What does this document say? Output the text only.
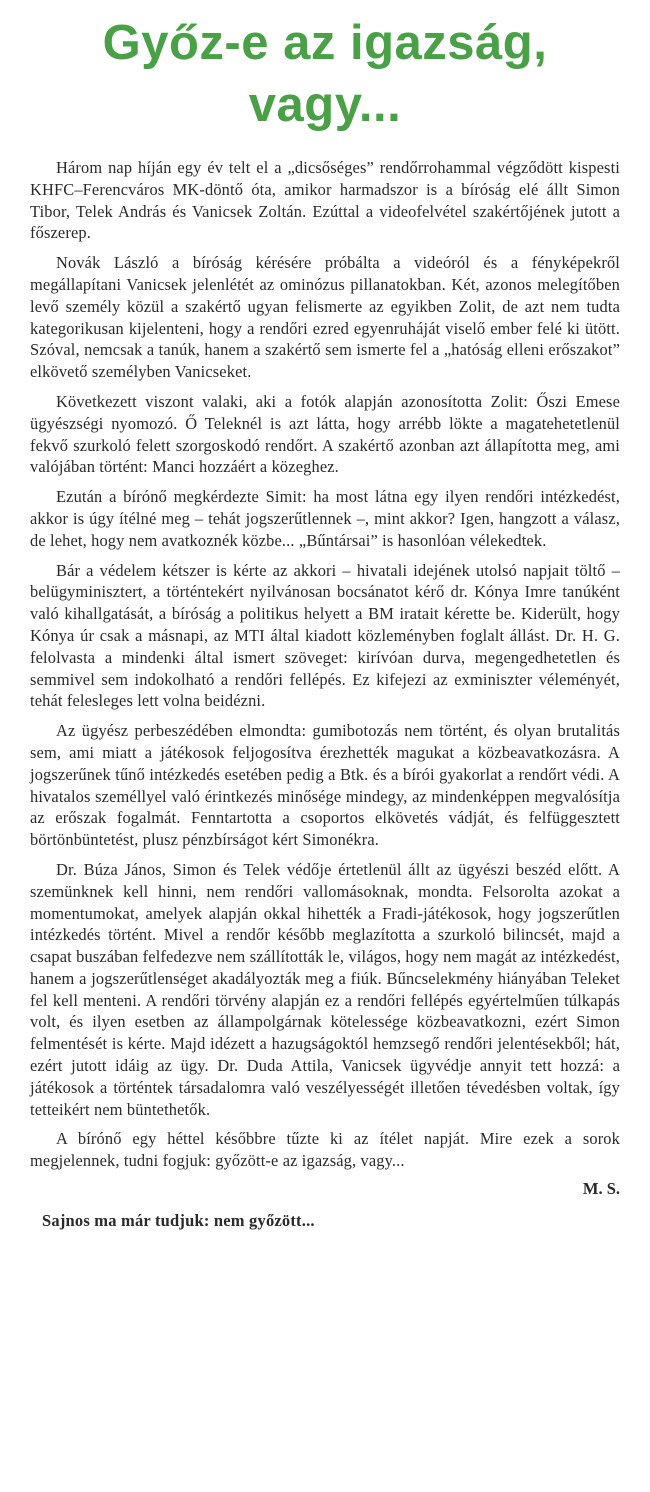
Győz-e az igazság,
vagy...

Három nap híján egy év telt el a „dicsőséges” rendőrrohammal végződött kispesti KHFC–Ferencváros MK-döntő óta, amikor harmadszor is a bíróság elé állt Simon Tibor, Telek András és Vanicsek Zoltán. Ezúttal a videofelvétel szakértőjének jutott a főszerep.

Novák László a bíróság kérésére próbálta a videóról és a fényképekről megállapítani Vanicsek jelenlétét az ominózus pillanatokban. Két, azonos melegítőben levő személy közül a szakértő ugyan felismerte az egyikben Zolit, de azt nem tudta kategorikusan kijelenteni, hogy a rendőri ezred egyenruháját viselő ember felé ki ütött. Szóval, nemcsak a tanúk, hanem a szakértő sem ismerte fel a „hatóság elleni erőszakot” elkövető személyben Vanicseket.

Következett viszont valaki, aki a fotók alapján azonosította Zolit: Őszi Emese ügyészségi nyomozó. Ő Teleknél is azt látta, hogy arrébb lökte a magatehetetlenül fekvő szurkoló felett szorgoskodó rendőrt. A szakértő azonban azt állapította meg, ami valójában történt: Manci hozzáért a közeghez.

Ezután a bírónő megkérdezte Simit: ha most látna egy ilyen rendőri intézkedést, akkor is úgy ítélné meg – tehát jogszerűtlennek –, mint akkor? Igen, hangzott a válasz, de lehet, hogy nem avatkoznék közbe... „Bűntársai” is hasonlóan vélekedtek.

Bár a védelem kétszer is kérte az akkori – hivatali idejének utolsó napjait töltő – belügyminisztert, a történtekért nyilvánosan bocsánatot kérő dr. Kónya Imre tanúként való kihallgatását, a bíróság a politikus helyett a BM iratait kérette be. Kiderült, hogy Kónya úr csak a másnapi, az MTI által kiadott közleményben foglalt állást. Dr. H. G. felolvasta a mindenki által ismert szöveget: kirívóan durva, megengedhetetlen és semmivel sem indokolható a rendőri fellépés. Ez kifejezi az exminiszter véleményét, tehát felesleges lett volna beidézni.

Az ügyész perbeszédében elmondta: gumibotozás nem történt, és olyan brutalitás sem, ami miatt a játékosok feljogosítva érezhették magukat a közbeavatkozásra. A jogszerűnek tűnő intézkedés esetében pedig a Btk. és a bírói gyakorlat a rendőrt védi. A hivatalos személlyel való érintkezés minősége mindegy, az mindenképpen megvalósítja az erőszak fogalmát. Fenntartotta a csoportos elkövetés vádját, és felfüggesztett börtönbüntetést, plusz pénzbírságot kért Simonékra.

Dr. Búza János, Simon és Telek védője értetlenül állt az ügyészi beszéd előtt. A szemünknek kell hinni, nem rendőri vallomásoknak, mondta. Felsorolta azokat a momentumokat, amelyek alapján okkal hihették a Fradi-játékosok, hogy jogszerűtlen intézkedés történt. Mivel a rendőr később meglazította a szurkoló bilincsét, majd a csapat buszában felfedezve nem szállították le, világos, hogy nem magát az intézkedést, hanem a jogszerűtlenséget akadályozták meg a fiúk. Bűncselekmény hiányában Teleket fel kell menteni. A rendőri törvény alapján ez a rendőri fellépés egyértelműen túlkapás volt, és ilyen esetben az állampolgárnak kötelessége közbeavatkozni, ezért Simon felmentését is kérte. Majd idézett a hazugságoktól hemzsegő rendőri jelentésekből; hát, ezért jutott idáig az ügy. Dr. Duda Attila, Vanicsek ügyvédje annyit tett hozzá: a játékosok a történtek társadalomra való veszélyességét illetően tévedésben voltak, így tetteikért nem büntethetők.

A bírónő egy héttel későbbre tűzte ki az ítélet napját. Mire ezek a sorok megjelennek, tudni fogjuk: győzött-e az igazság, vagy...

M. S.

Sajnos ma már tudjuk: nem győzött...
